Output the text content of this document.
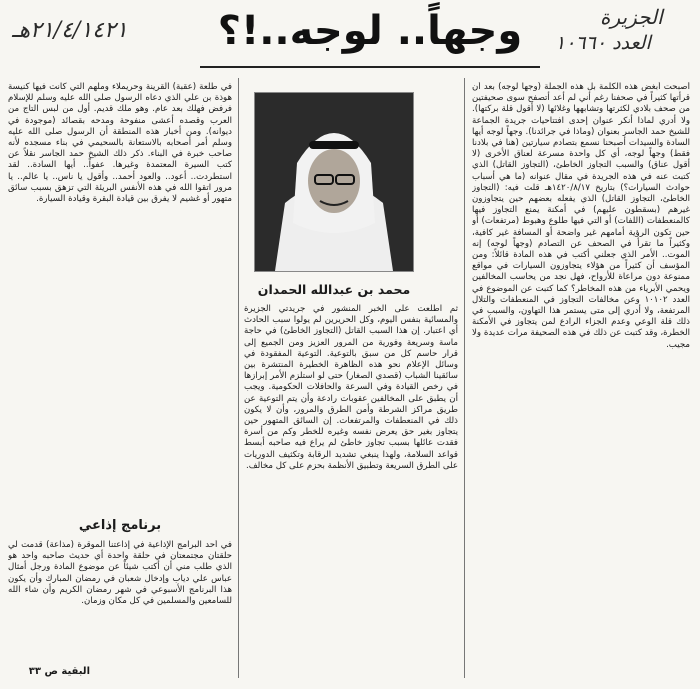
الجزيرة
العدد ١٠٦٦٠
٢١/٤/١٤٢١هـ	وجهاً.. لوجه..!؟
محمد بن عبدالله الحمدان
أصبحت أبغض هذه الكلمة بل هذه الجملة (وجهاً لوجه) بعد أن قرأتها كثيراً في صحفنا رغم أني لم أعد أتصفح سوى صحيفتين من صحف بلادي لكثرتها وتشابهها وغلائها (لا أقول قلة بركتها). ولا أدري لماذا أنكر عنوان إحدى افتتاحيات جريدة الجماعة للشيخ حمد الجاسر بعنوان (وماذا في جرائدنا). وجهاً لوجه أيها السادة والسيدات أصبحنا نسمع بتصادم سيارتين (هنا في بلادنا فقط) وجهاً لوجه، أي كل واحدة مسرعة لعناق الأخرى (لا أقول عناق) والسبب التجاوز الخاطئ، (التجاوز القاتل) الذي كتبت عنه في هذه الجريدة في مقال عنوانه (ما هي أسباب حوادث السيارات؟) بتاريخ ١٤٢٠/٨/١٧هـ قلت فيه: (التجاوز الخاطئ، التجاوز القاتل) الذي يفعله بعضهم حين يتجاوزون غيرهم (بسقطون عليهم) في أمكنة يمنع التجاوز فيها كالمنعطفات (اللفات) أو التي فيها طلوع وهبوط (مرتفعات) أو حين تكون الرؤية أمامهم غير واضحة أو المسافة غير كافية، وكثيراً ما تقرأ في الصحف عن التصادم (وجهاً لوجه) إنه الموت.. الأمر الذي جعلني أكتب في هذه المادة قائلاً: ومن المؤسف أن كثيراً من هؤلاء يتجاوزون السيارات في مواقع ممنوعة دون مراعاة للأرواح، فهل نجد من يحاسب المخالفين ويحمي الأبرياء من هذه المخاطر؟ كما كتبت عن الموضوع في العدد ١٠١٠٢ وعن مخالفات التجاوز في المنعطفات والتلال المرتفعة، ولا أدري إلى متى يستمر هذا التهاون، والسبب في ذلك قلة الوعي وعدم الجزاء الرادع لمن يتجاوز في الأمكنة الخطرة، وقد كتبت عن ذلك في هذه الصحيفة مرات عديدة ولا مجيب.
ثم اطلعت على الخبر المنشور في جريدتي الجزيرة والمسائية بنفس اليوم، وكل الحريرين لم يولوا سبب الحادث أي اعتبار. إن هذا السبب القاتل (التجاوز الخاطئ) في حاجة ماسة وسريعة وفورية من المرور العزيز ومن الجميع إلى قرار حاسم كل من سبق بالتوعية. التوعية المفقودة في وسائل الإعلام نحو هذه الظاهرة الخطيرة المنتشرة بين سائقينا الشباب (قصدي الصغار) حتى لو استلزم الأمر إبرازها في رخص القيادة وفي السرعة والحافلات الحكومية. ويجب أن يطبق على المخالفين عقوبات رادعة وأن يتم التوعية عن طريق مراكز الشرطة وأمن الطرق والمرور، وأن لا يكون ذلك في المنعطفات والمرتفعات. إن السائق المتهور حين يتجاوز بغير حق يعرض نفسه وغيره للخطر وكم من أسرة فقدت عائلها بسبب تجاوز خاطئ لم يراع فيه صاحبه أبسط قواعد السلامة، ولهذا ينبغي تشديد الرقابة وتكثيف الدوريات على الطرق السريعة وتطبيق الأنظمة بحزم على كل مخالف.
في طلعة (عقبة) القرينة وحريملاء وملهم التي كانت فيها كنيسة هوذة بن علي الذي دعاه الرسول صلى الله عليه وسلم للإسلام فرفض فهلك بعد عام. وهو ملك قديم. أول من لبس التاج من العرب وقصده أعشى منفوحة ومدحه بقصائد (موجودة في ديوانه). ومن أخبار هذه المنطقة أن الرسول صلى الله عليه وسلم أمر أصحابه بالاستعانة بالسحيمي في بناء مسجده لأنه صاحب خبرة في البناء. ذكر ذلك الشيخ حمد الجاسر نقلاً عن كتب السيرة المعتمدة وغيرها. عفواً.. أيها السادة.. لقد استطردت.. أعود.. والعود أحمد.. وأقول يا ناس.. يا عالم.. يا مرور اتقوا الله في هذه الأنفس البريئة التي تزهق بسبب سائق متهور أو غشيم لا يفرق بين قيادة البقرة وقيادة السيارة.
برنامج إذاعي
في أحد البرامج الإذاعية في إذاعتنا الموقرة (مذاعة) قدمت لي حلقتان مجتمعتان في حلقة واحدة أي حديث صاحبه واحد هو الذي طلب مني أن أكتب شيئاً عن موضوع المادة ورجل أمثال عباس علي دياب وإدخال شعبان في رمضان المبارك وأن يكون هذا البرنامج الأسبوعي في شهر رمضان الكريم وأن شاء الله للسامعين والمسلمين في كل مكان وزمان.
البقية ص ٣٣
